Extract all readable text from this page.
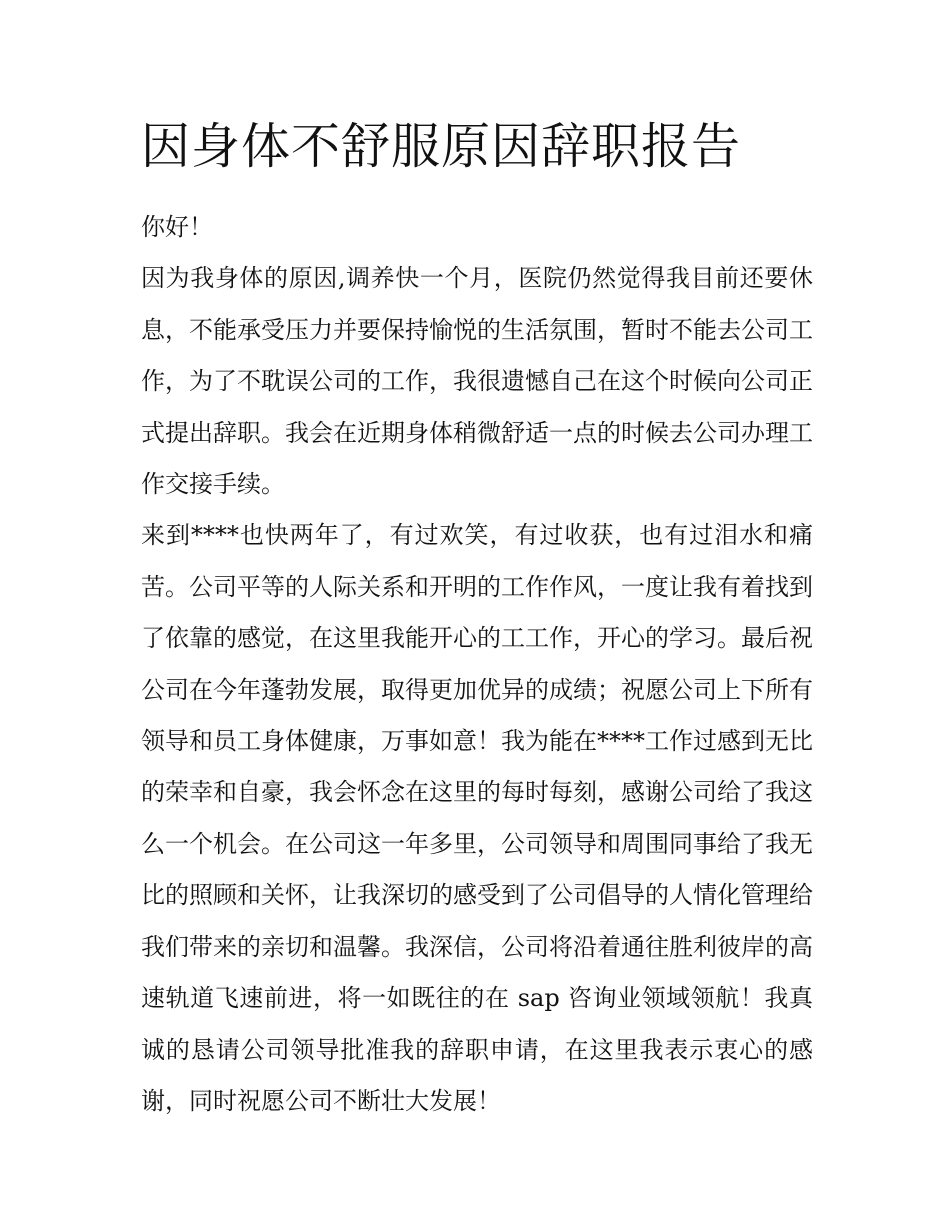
因身体不舒服原因辞职报告

你好！

因为我身体的原因,调养快一个月，医院仍然觉得我目前还要休息，不能承受压力并要保持愉悦的生活氛围，暂时不能去公司工作，为了不耽误公司的工作，我很遗憾自己在这个时候向公司正式提出辞职。我会在近期身体稍微舒适一点的时候去公司办理工作交接手续。

来到****也快两年了，有过欢笑，有过收获，也有过泪水和痛苦。公司平等的人际关系和开明的工作作风，一度让我有着找到了依靠的感觉，在这里我能开心的工工作，开心的学习。最后祝公司在今年蓬勃发展，取得更加优异的成绩；祝愿公司上下所有领导和员工身体健康，万事如意！我为能在****工作过感到无比的荣幸和自豪，我会怀念在这里的每时每刻，感谢公司给了我这么一个机会。在公司这一年多里，公司领导和周围同事给了我无比的照顾和关怀，让我深切的感受到了公司倡导的人情化管理给我们带来的亲切和温馨。我深信，公司将沿着通往胜利彼岸的高速轨道飞速前进，将一如既往的在 sap 咨询业领域领航！我真诚的恳请公司领导批准我的辞职申请，在这里我表示衷心的感谢，同时祝愿公司不断壮大发展！
